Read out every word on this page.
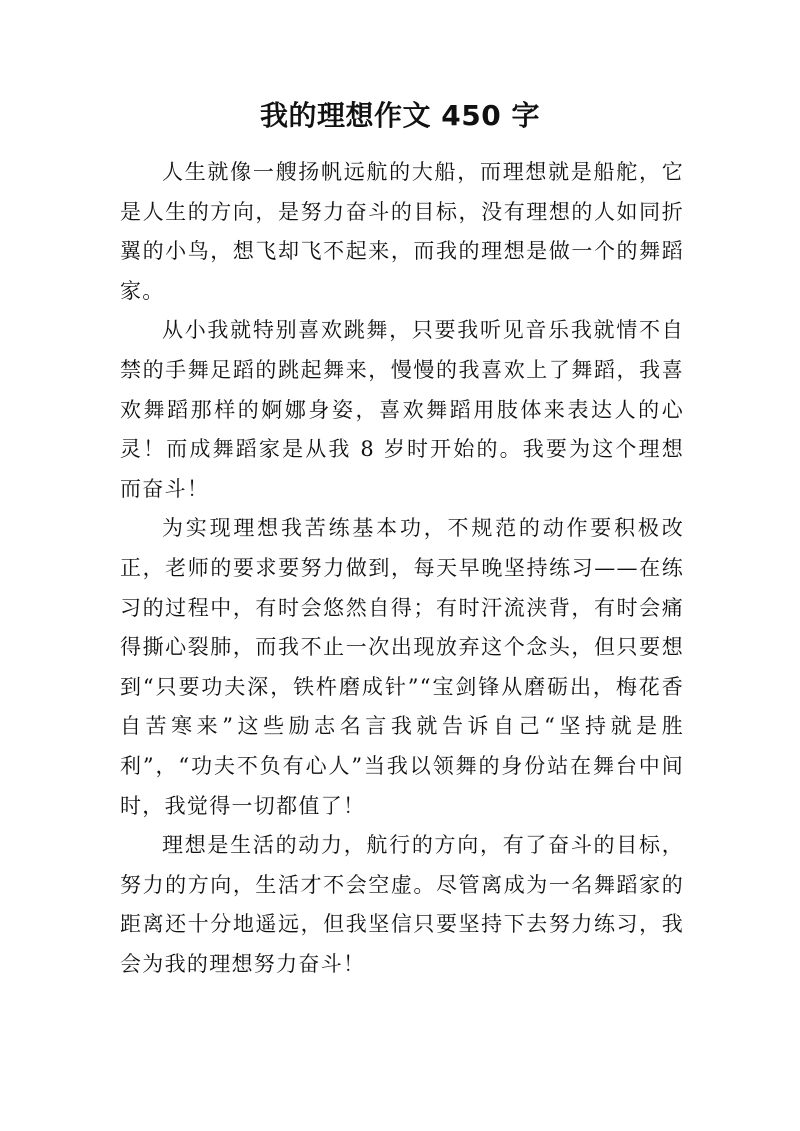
我的理想作文 450 字

人生就像一艘扬帆远航的大船，而理想就是船舵，它是人生的方向，是努力奋斗的目标，没有理想的人如同折翼的小鸟，想飞却飞不起来，而我的理想是做一个的舞蹈家。

从小我就特别喜欢跳舞，只要我听见音乐我就情不自禁的手舞足蹈的跳起舞来，慢慢的我喜欢上了舞蹈，我喜欢舞蹈那样的婀娜身姿，喜欢舞蹈用肢体来表达人的心灵！而成舞蹈家是从我 8 岁时开始的。我要为这个理想而奋斗！

为实现理想我苦练基本功，不规范的动作要积极改正，老师的要求要努力做到，每天早晚坚持练习——在练习的过程中，有时会悠然自得；有时汗流浃背，有时会痛得撕心裂肺，而我不止一次出现放弃这个念头，但只要想到“只要功夫深，铁杵磨成针”“宝剑锋从磨砺出，梅花香自苦寒来”这些励志名言我就告诉自己“坚持就是胜利”，“功夫不负有心人”当我以领舞的身份站在舞台中间时，我觉得一切都值了！

理想是生活的动力，航行的方向，有了奋斗的目标，努力的方向，生活才不会空虚。尽管离成为一名舞蹈家的距离还十分地遥远，但我坚信只要坚持下去努力练习，我会为我的理想努力奋斗！
